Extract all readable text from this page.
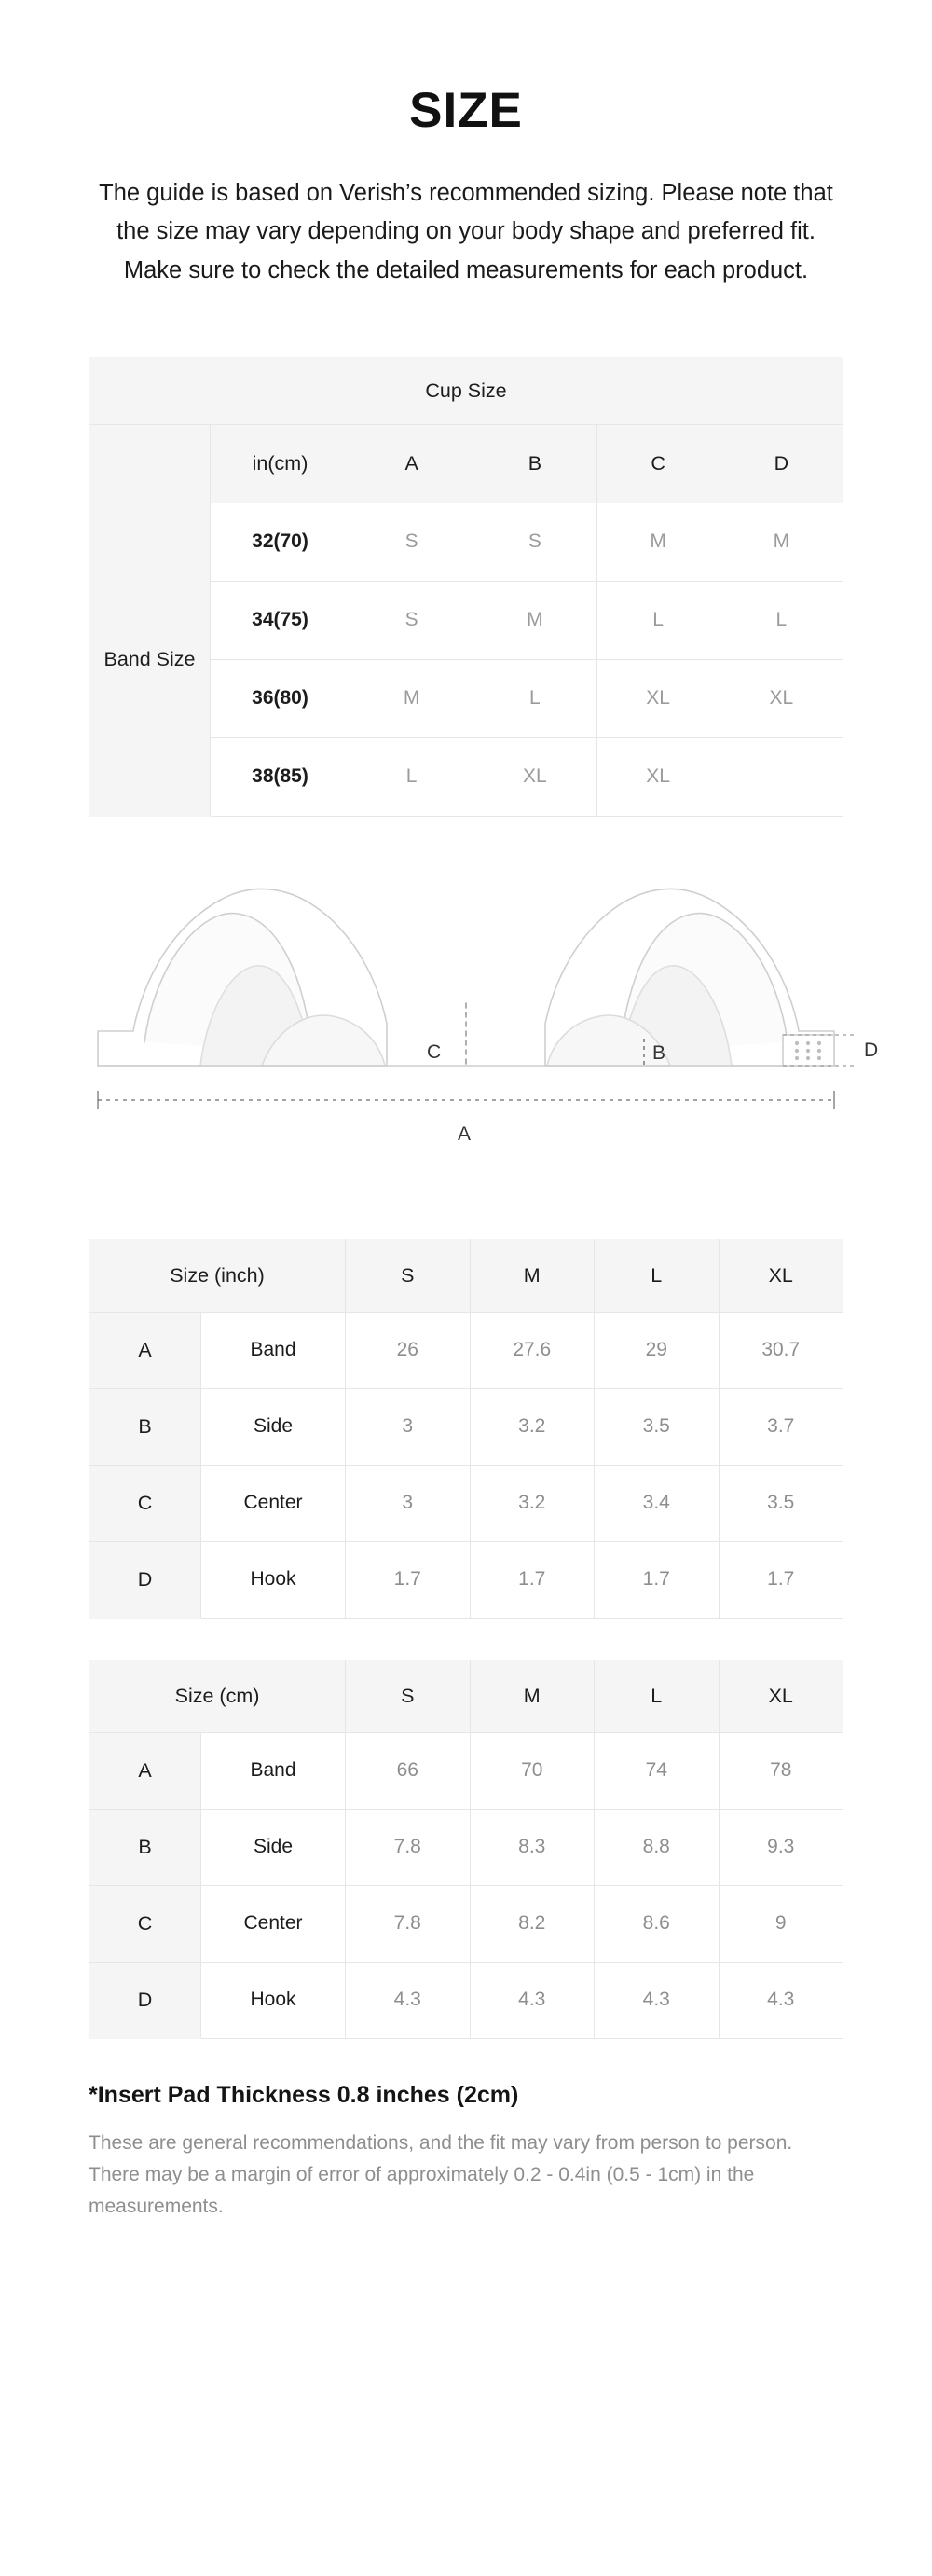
SIZE

The guide is based on Verish’s recommended sizing. Please note that the size may vary depending on your body shape and preferred fit. Make sure to check the detailed measurements for each product.

Cup Size					
	in(cm)	A	B	C	D
Band Size	32(70)	S	S	M	M
	34(75)	S	M	L	L
	36(80)	M	L	XL	XL
	38(85)	L	XL	XL	
D
B
C
A
Size (inch)		S	M	L	XL
A	Band	26	27.6	29	30.7
B	Side	3	3.2	3.5	3.7
C	Center	3	3.2	3.4	3.5
D	Hook	1.7	1.7	1.7	1.7
Size (cm)		S	M	L	XL
A	Band	66	70	74	78
B	Side	7.8	8.3	8.8	9.3
C	Center	7.8	8.2	8.6	9
D	Hook	4.3	4.3	4.3	4.3
*Insert Pad Thickness 0.8 inches (2cm)
These are general recommendations, and the fit may vary from person to person. There may be a margin of error of approximately 0.2 - 0.4in (0.5 - 1cm) in the measurements.
